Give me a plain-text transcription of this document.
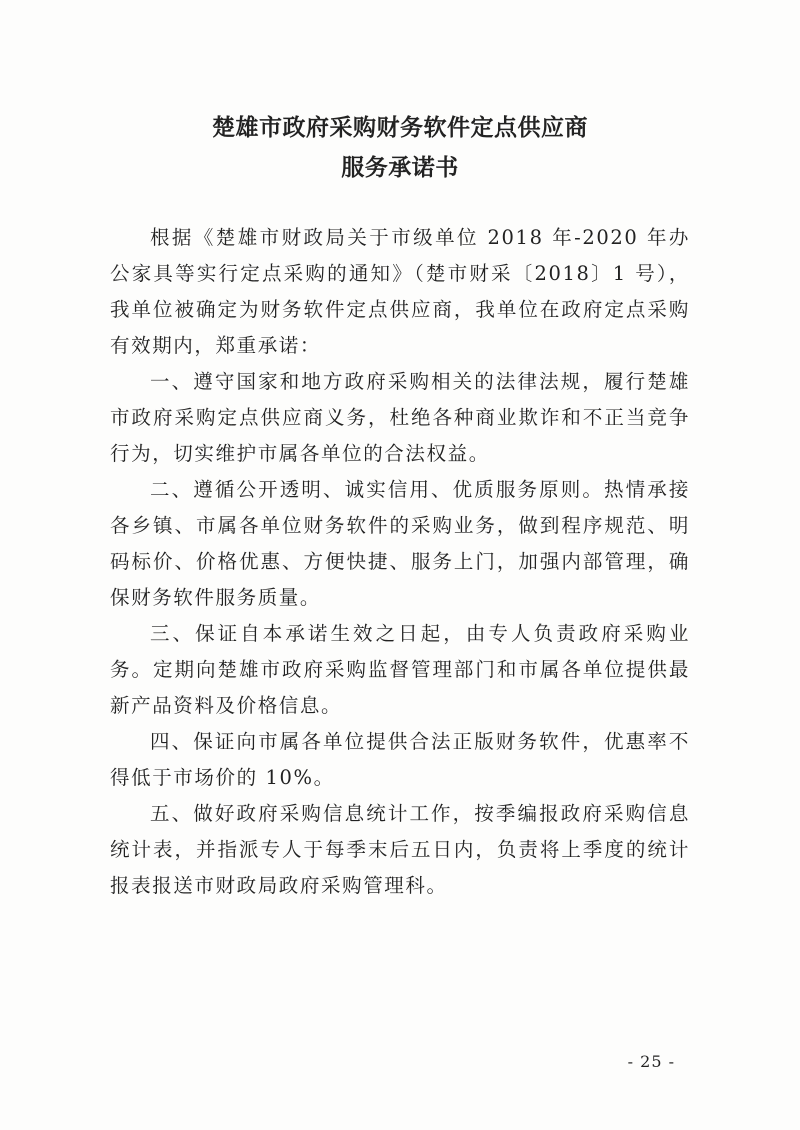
楚雄市政府采购财务软件定点供应商
服务承诺书

根据《楚雄市财政局关于市级单位 2018 年-2020 年办公家具等实行定点采购的通知》（楚市财采〔2018〕1 号），我单位被确定为财务软件定点供应商，我单位在政府定点采购有效期内，郑重承诺：

一、遵守国家和地方政府采购相关的法律法规，履行楚雄市政府采购定点供应商义务，杜绝各种商业欺诈和不正当竞争行为，切实维护市属各单位的合法权益。

二、遵循公开透明、诚实信用、优质服务原则。热情承接各乡镇、市属各单位财务软件的采购业务，做到程序规范、明码标价、价格优惠、方便快捷、服务上门，加强内部管理，确保财务软件服务质量。

三、保证自本承诺生效之日起，由专人负责政府采购业务。定期向楚雄市政府采购监督管理部门和市属各单位提供最新产品资料及价格信息。

四、保证向市属各单位提供合法正版财务软件，优惠率不得低于市场价的 10%。

五、做好政府采购信息统计工作，按季编报政府采购信息统计表，并指派专人于每季末后五日内，负责将上季度的统计报表报送市财政局政府采购管理科。

- 25 -
